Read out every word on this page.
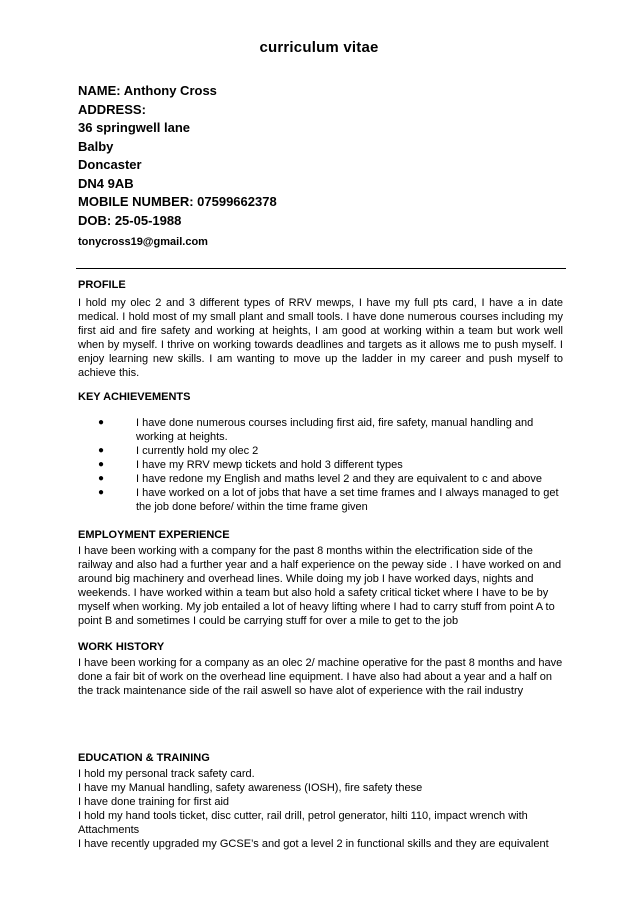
curriculum vitae
NAME: Anthony Cross
ADDRESS:
36 springwell lane
Balby
Doncaster
DN4 9AB
MOBILE NUMBER: 07599662378
DOB: 25-05-1988
tonycross19@gmail.com
PROFILE
I hold my olec 2 and 3 different types of RRV mewps, I have my full pts card, I have a in date medical. I hold most of my small plant and small tools. I have done numerous courses including my first aid and fire safety and working at heights, I am good at working within a team but work well when by myself. I thrive on working towards deadlines and targets as it allows me to push myself. I enjoy learning new skills. I am wanting to move up the ladder in my career and push myself to achieve this.
KEY ACHIEVEMENTS
●	I have done numerous courses including first aid, fire safety, manual handling and working at heights.
●	I currently hold my olec 2
●	I have my RRV mewp tickets and hold 3 different types
●	I have redone my English and maths level 2 and they are equivalent to c and above
●	I have worked on a lot of jobs that have a set time frames and I always managed to get the job done before/ within the time frame given
EMPLOYMENT EXPERIENCE
I have been working with a company for the past 8 months within the electrification side of the railway and also had a further year and a half experience on the peway side . I have worked on and around big machinery and overhead lines. While doing my job I have worked days, nights and weekends. I have worked within a team but also hold a safety critical ticket where I have to be by myself when working. My job entailed a lot of heavy lifting where I had to carry stuff from point A to point B and sometimes I could be carrying stuff for over a mile to get to the job
WORK HISTORY
I have been working for a company as an olec 2/ machine operative for the past 8 months and have done a fair bit of work on the overhead line equipment. I have also had about a year and a half on the track maintenance side of the rail aswell so have alot of experience with the rail industry
EDUCATION & TRAINING
I hold my personal track safety card.
I have my Manual handling, safety awareness (IOSH), fire safety these
I have done training for first aid
I hold my hand tools ticket, disc cutter, rail drill, petrol generator, hilti 110, impact wrench with Attachments
I have recently upgraded my GCSE’s and got a level 2 in functional skills and they are equivalent
